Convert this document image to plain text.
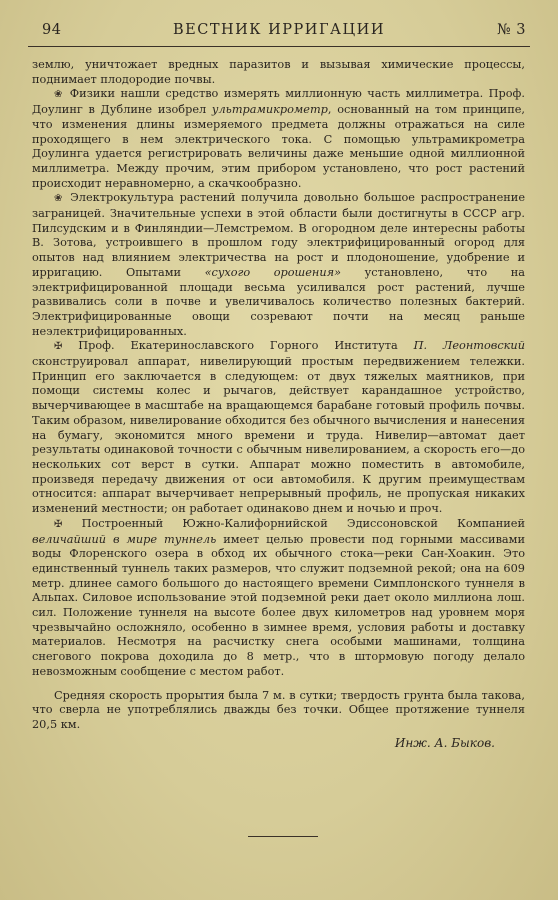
94	ВЕСТНИК ИРРИГАЦИИ	№ 3

землю, уничтожает вредных паразитов и вызывая химические процессы, поднимает плодородие почвы.

❀ Физики нашли средство измерять миллионную часть миллиметра. Проф. Доулинг в Дублине изобрел ультрамикрометр, основанный на том принципе, что изменения длины измеряемого предмета должны отражаться на силе проходящего в нем электрического тока. С помощью ультрамикрометра Доулинга удается регистрировать величины даже меньшие одной миллионной миллиметра. Между прочим, этим прибором установлено, что рост растений происходит неравномерно, а скачкообразно.

❀ Электрокультура растений получила довольно большое распространение заграницей. Значительные успехи в этой области были достигнуты в СССР агр. Пилсудским и в Финляндии—Лемстремом. В огородном деле интересны работы В. Зотова, устроившего в прошлом году электрифицированный огород для опытов над влиянием электричества на рост и плодоношение, удобрение и ирригацию. Опытами «сухого орошения» установлено, что на электрифицированной площади весьма усиливался рост растений, лучше развивались соли в почве и увеличивалось количество полезных бактерий. Электрифицированные овощи созревают почти на месяц раньше неэлектрифицированных.

✠ Проф. Екатеринославского Горного Института П. Леонтовский сконструировал аппарат, нивелирующий простым передвижением тележки. Принцип его заключается в следующем: от двух тяжелых маятников, при помощи системы колес и рычагов, действует карандашное устройство, вычерчивающее в масштабе на вращающемся барабане готовый профиль почвы. Таким образом, нивелирование обходится без обычного вычисления и нанесения на бумагу, экономится много времени и труда. Нивелир—автомат дает результаты одинаковой точности с обычным нивелированием, а скорость его—до нескольких сот верст в сутки. Аппарат можно поместить в автомобиле, произведя передачу движения от оси автомобиля. К другим преимуществам относится: аппарат вычерчивает непрерывный профиль, не пропуская никаких изменений местности; он работает одинаково днем и ночью и проч.

✠ Построенный Южно-Калифорнийской Эдиссоновской Компанией величайший в мире туннель имеет целью провести под горными массивами воды Флоренского озера в обход их обычного стока—реки Сан-Хоакин. Это единственный туннель таких размеров, что служит подземной рекой; она на 609 метр. длинее самого большого до настоящего времени Симплонского туннеля в Альпах. Силовое использование этой подземной реки дает около миллиона лош. сил. Положение туннеля на высоте более двух километров над уровнем моря чрезвычайно осложняло, особенно в зимнее время, условия работы и доставку материалов. Несмотря на расчистку снега особыми машинами, толщина снегового покрова доходила до 8 метр., что в штормовую погоду делало невозможным сообщение с местом работ.

Средняя скорость прорытия была 7 м. в сутки; твердость грунта была такова, что сверла не употреблялись дважды без точки. Общее протяжение туннеля 20,5 км.

Инж. А. Быков.
